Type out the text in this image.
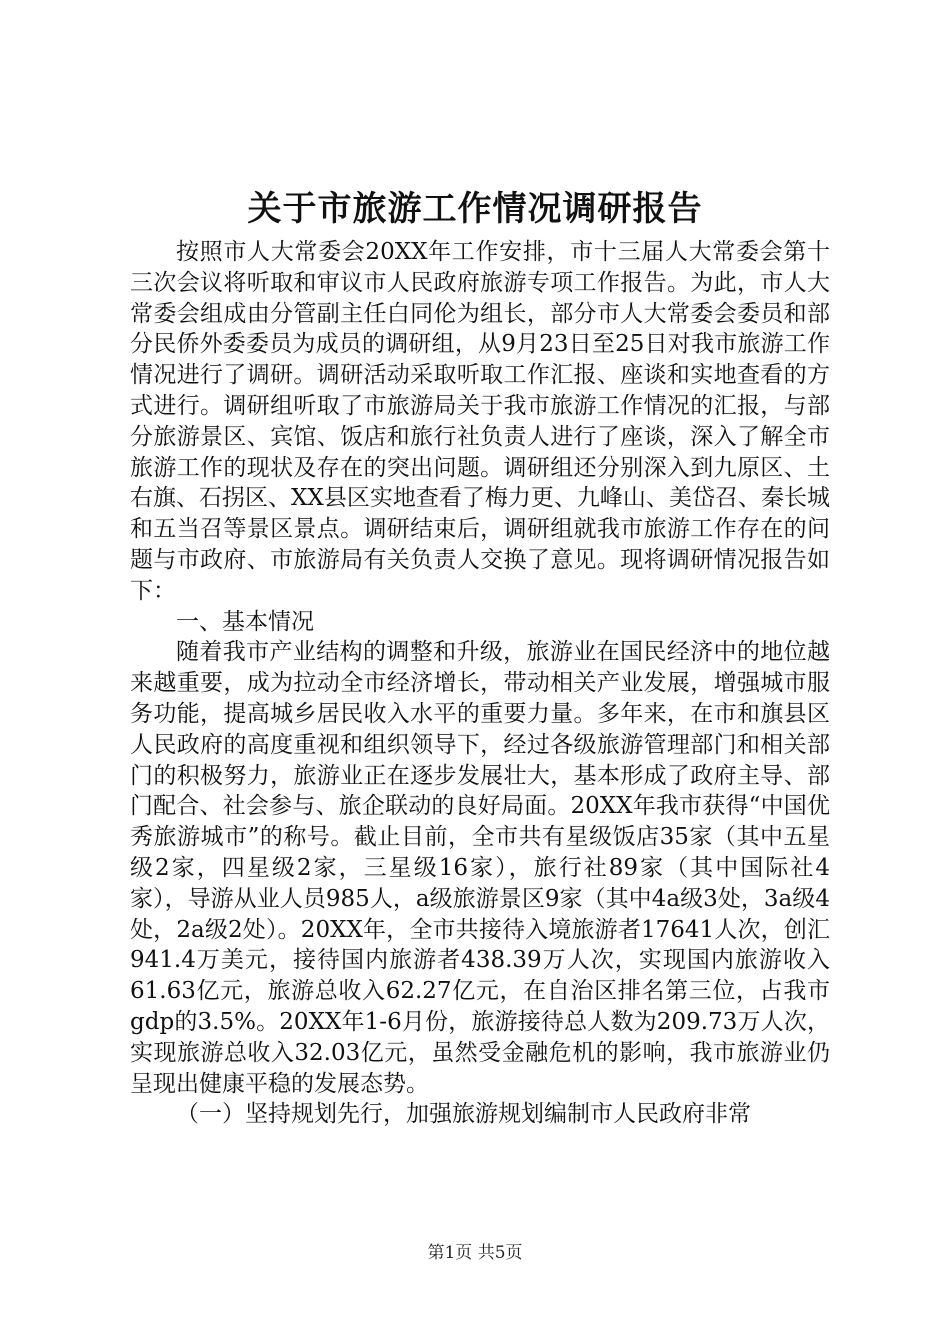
关于市旅游工作情况调研报告

按照市人大常委会20XX年工作安排，市十三届人大常委会第十三次会议将听取和审议市人民政府旅游专项工作报告。为此，市人大常委会组成由分管副主任白同伦为组长，部分市人大常委会委员和部分民侨外委委员为成员的调研组，从9月23日至25日对我市旅游工作情况进行了调研。调研活动采取听取工作汇报、座谈和实地查看的方式进行。调研组听取了市旅游局关于我市旅游工作情况的汇报，与部分旅游景区、宾馆、饭店和旅行社负责人进行了座谈，深入了解全市旅游工作的现状及存在的突出问题。调研组还分别深入到九原区、土右旗、石拐区、XX县区实地查看了梅力更、九峰山、美岱召、秦长城和五当召等景区景点。调研结束后，调研组就我市旅游工作存在的问题与市政府、市旅游局有关负责人交换了意见。现将调研情况报告如下：

一、基本情况

随着我市产业结构的调整和升级，旅游业在国民经济中的地位越来越重要，成为拉动全市经济增长，带动相关产业发展，增强城市服务功能，提高城乡居民收入水平的重要力量。多年来，在市和旗县区人民政府的高度重视和组织领导下，经过各级旅游管理部门和相关部门的积极努力，旅游业正在逐步发展壮大，基本形成了政府主导、部门配合、社会参与、旅企联动的良好局面。20XX年我市获得“中国优秀旅游城市”的称号。截止目前，全市共有星级饭店35家（其中五星级2家，四星级2家，三星级16家），旅行社89家（其中国际社4家），导游从业人员985人，a级旅游景区9家（其中4a级3处，3a级4处，2a级2处）。20XX年，全市共接待入境旅游者17641人次，创汇941.4万美元，接待国内旅游者438.39万人次，实现国内旅游收入61.63亿元，旅游总收入62.27亿元，在自治区排名第三位，占我市gdp的3.5%。20XX年1-6月份，旅游接待总人数为209.73万人次，实现旅游总收入32.03亿元，虽然受金融危机的影响，我市旅游业仍呈现出健康平稳的发展态势。

（一）坚持规划先行，加强旅游规划编制市人民政府非常

第1页 共5页
